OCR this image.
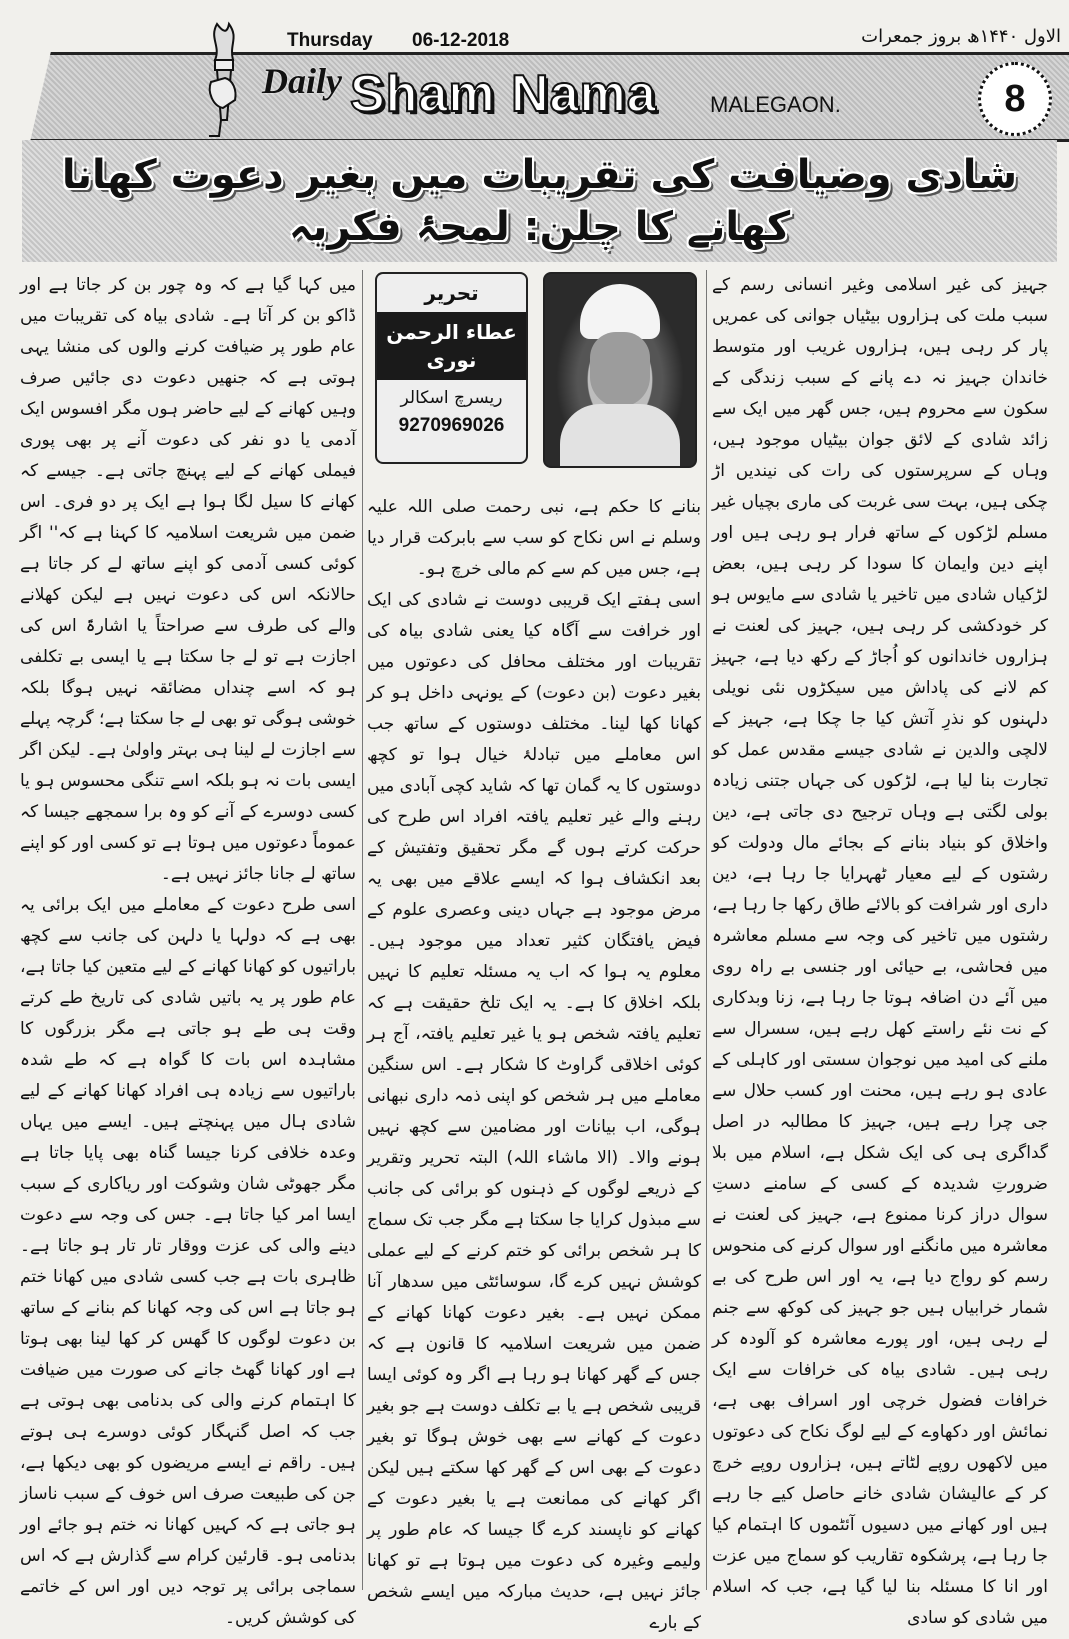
Thursday 06-12-2018	الاول ۱۴۴۰ھ بروز جمعرات
Daily Sham Nama MALEGAON.	8
شادی وضیافت کی تقریبات میں بغیر دعوت کھانا کھانے کا چلن: لمحۂ فکریہ
تحریر
عطاء الرحمن نوری
ریسرچ اسکالر
9270969026

جہیز کی غیر اسلامی وغیر انسانی رسم کے سبب ملت کی ہزاروں بیٹیاں جوانی کی عمریں پار کر رہی ہیں، ہزاروں غریب اور متوسط خاندان جہیز نہ دے پانے کے سبب زندگی کے سکون سے محروم ہیں، جس گھر میں ایک سے زائد شادی کے لائق جوان بیٹیاں موجود ہیں، وہاں کے سرپرستوں کی رات کی نیندیں اڑ چکی ہیں، بہت سی غربت کی ماری بچیاں غیر مسلم لڑکوں کے ساتھ فرار ہو رہی ہیں اور اپنے دین وایمان کا سودا کر رہی ہیں، بعض لڑکیاں شادی میں تاخیر یا شادی سے مایوس ہو کر خودکشی کر رہی ہیں، جہیز کی لعنت نے ہزاروں خاندانوں کو اُجاڑ کے رکھ دیا ہے، جہیز کم لانے کی پاداش میں سیکڑوں نئی نویلی دلہنوں کو نذرِ آتش کیا جا چکا ہے، جہیز کے لالچی والدین نے شادی جیسے مقدس عمل کو تجارت بنا لیا ہے، لڑکوں کی جہاں جتنی زیادہ بولی لگتی ہے وہاں ترجیح دی جاتی ہے، دین واخلاق کو بنیاد بنانے کے بجائے مال ودولت کو رشتوں کے لیے معیار ٹھہرایا جا رہا ہے، دین داری اور شرافت کو بالائے طاق رکھا جا رہا ہے، رشتوں میں تاخیر کی وجہ سے مسلم معاشرہ میں فحاشی، بے حیائی اور جنسی بے راہ روی میں آئے دن اضافہ ہوتا جا رہا ہے، زنا وبدکاری کے نت نئے راستے کھل رہے ہیں، سسرال سے ملنے کی امید میں نوجوان سستی اور کاہلی کے عادی ہو رہے ہیں، محنت اور کسب حلال سے جی چرا رہے ہیں، جہیز کا مطالبہ در اصل گداگری ہی کی ایک شکل ہے، اسلام میں بلا ضرورتِ شدیدہ کے کسی کے سامنے دستِ سوال دراز کرنا ممنوع ہے، جہیز کی لعنت نے معاشرہ میں مانگنے اور سوال کرنے کی منحوس رسم کو رواج دیا ہے، یہ اور اس طرح کی بے شمار خرابیاں ہیں جو جہیز کی کوکھ سے جنم لے رہی ہیں، اور پورے معاشرہ کو آلودہ کر رہی ہیں۔ شادی بیاہ کی خرافات سے ایک خرافات فضول خرچی اور اسراف بھی ہے، نمائش اور دکھاوے کے لیے لوگ نکاح کی دعوتوں میں لاکھوں روپے لٹاتے ہیں، ہزاروں روپے خرچ کر کے عالیشان شادی خانے حاصل کیے جا رہے ہیں اور کھانے میں دسیوں آئٹموں کا اہتمام کیا جا رہا ہے، پرشکوہ تقاریب کو سماج میں عزت اور انا کا مسئلہ بنا لیا گیا ہے، جب کہ اسلام میں شادی کو سادی

بنانے کا حکم ہے، نبی رحمت صلی اللہ علیہ وسلم نے اس نکاح کو سب سے بابرکت قرار دیا ہے، جس میں کم سے کم مالی خرچ ہو۔

اسی ہفتے ایک قریبی دوست نے شادی کی ایک اور خرافت سے آگاہ کیا یعنی شادی بیاہ کی تقریبات اور مختلف محافل کی دعوتوں میں بغیر دعوت (بن دعوت) کے یونہی داخل ہو کر کھانا کھا لینا۔ مختلف دوستوں کے ساتھ جب اس معاملے میں تبادلۂ خیال ہوا تو کچھ دوستوں کا یہ گمان تھا کہ شاید کچی آبادی میں رہنے والے غیر تعلیم یافتہ افراد اس طرح کی حرکت کرتے ہوں گے مگر تحقیق وتفتیش کے بعد انکشاف ہوا کہ ایسے علاقے میں بھی یہ مرض موجود ہے جہاں دینی وعصری علوم کے فیض یافتگان کثیر تعداد میں موجود ہیں۔ معلوم یہ ہوا کہ اب یہ مسئلہ تعلیم کا نہیں بلکہ اخلاق کا ہے۔ یہ ایک تلخ حقیقت ہے کہ تعلیم یافتہ شخص ہو یا غیر تعلیم یافتہ، آج ہر کوئی اخلاقی گراوٹ کا شکار ہے۔ اس سنگین معاملے میں ہر شخص کو اپنی ذمہ داری نبھانی ہوگی، اب بیانات اور مضامین سے کچھ نہیں ہونے والا۔ (الا ماشاء اللہ) البتہ تحریر وتقریر کے ذریعے لوگوں کے ذہنوں کو برائی کی جانب سے مبذول کرایا جا سکتا ہے مگر جب تک سماج کا ہر شخص برائی کو ختم کرنے کے لیے عملی کوشش نہیں کرے گا، سوسائٹی میں سدھار آنا ممکن نہیں ہے۔ بغیر دعوت کھانا کھانے کے ضمن میں شریعت اسلامیہ کا قانون ہے کہ جس کے گھر کھانا ہو رہا ہے اگر وہ کوئی ایسا قریبی شخص ہے یا بے تکلف دوست ہے جو بغیر دعوت کے کھانے سے بھی خوش ہوگا تو بغیر دعوت کے بھی اس کے گھر کھا سکتے ہیں لیکن اگر کھانے کی ممانعت ہے یا بغیر دعوت کے کھانے کو ناپسند کرے گا جیسا کہ عام طور پر ولیمے وغیرہ کی دعوت میں ہوتا ہے تو کھانا جائز نہیں ہے، حدیث مبارکہ میں ایسے شخص کے بارے

میں کہا گیا ہے کہ وہ چور بن کر جاتا ہے اور ڈاکو بن کر آتا ہے۔ شادی بیاہ کی تقریبات میں عام طور پر ضیافت کرنے والوں کی منشا یہی ہوتی ہے کہ جنھیں دعوت دی جائیں صرف وہیں کھانے کے لیے حاضر ہوں مگر افسوس ایک آدمی یا دو نفر کی دعوت آنے پر بھی پوری فیملی کھانے کے لیے پہنچ جاتی ہے۔ جیسے کہ کھانے کا سیل لگا ہوا ہے ایک پر دو فری۔ اس ضمن میں شریعت اسلامیہ کا کہنا ہے کہ'' اگر کوئی کسی آدمی کو اپنے ساتھ لے کر جاتا ہے حالانکہ اس کی دعوت نہیں ہے لیکن کھلانے والے کی طرف سے صراحتاً یا اشارۃً اس کی اجازت ہے تو لے جا سکتا ہے یا ایسی بے تکلفی ہو کہ اسے چنداں مضائقہ نہیں ہوگا بلکہ خوشی ہوگی تو بھی لے جا سکتا ہے؛ گرچہ پہلے سے اجازت لے لینا ہی بہتر واولیٰ ہے۔ لیکن اگر ایسی بات نہ ہو بلکہ اسے تنگی محسوس ہو یا کسی دوسرے کے آنے کو وہ برا سمجھے جیسا کہ عموماً دعوتوں میں ہوتا ہے تو کسی اور کو اپنے ساتھ لے جانا جائز نہیں ہے۔

اسی طرح دعوت کے معاملے میں ایک برائی یہ بھی ہے کہ دولہا یا دلہن کی جانب سے کچھ باراتیوں کو کھانا کھانے کے لیے متعین کیا جاتا ہے، عام طور پر یہ باتیں شادی کی تاریخ طے کرتے وقت ہی طے ہو جاتی ہے مگر بزرگوں کا مشاہدہ اس بات کا گواہ ہے کہ طے شدہ باراتیوں سے زیادہ ہی افراد کھانا کھانے کے لیے شادی ہال میں پہنچتے ہیں۔ ایسے میں یہاں وعدہ خلافی کرنا جیسا گناہ بھی پایا جاتا ہے مگر جھوٹی شان وشوکت اور ریاکاری کے سبب ایسا امر کیا جاتا ہے۔ جس کی وجہ سے دعوت دینے والی کی عزت ووقار تار تار ہو جاتا ہے۔ ظاہری بات ہے جب کسی شادی میں کھانا ختم ہو جاتا ہے اس کی وجہ کھانا کم بنانے کے ساتھ بن دعوت لوگوں کا گھس کر کھا لینا بھی ہوتا ہے اور کھانا گھٹ جانے کی صورت میں ضیافت کا اہتمام کرنے والی کی بدنامی بھی ہوتی ہے جب کہ اصل گنہگار کوئی دوسرے ہی ہوتے ہیں۔ راقم نے ایسے مریضوں کو بھی دیکھا ہے، جن کی طبیعت صرف اس خوف کے سبب ناساز ہو جاتی ہے کہ کہیں کھانا نہ ختم ہو جائے اور بدنامی ہو۔ قارئین کرام سے گذارش ہے کہ اس سماجی برائی پر توجہ دیں اور اس کے خاتمے کی کوشش کریں۔
